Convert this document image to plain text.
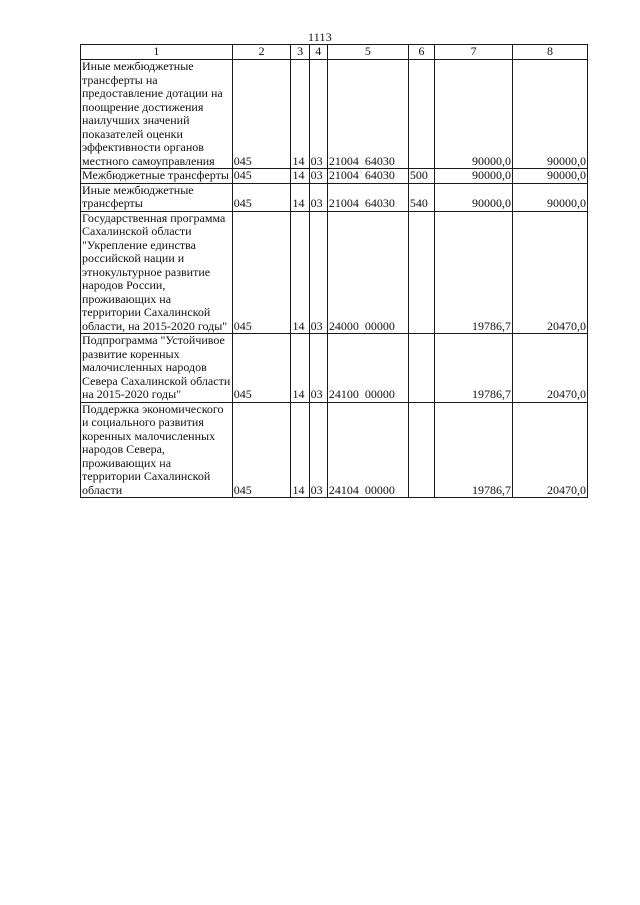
1113
1	2	3	4	5	6	7	8
Иные межбюджетные трансферты на предоставление дотации на поощрение достижения наилучших значений показателей оценки эффективности органов местного самоуправления	045	14	03	21004  64030		90000,0	90000,0
Межбюджетные трансферты	045	14	03	21004  64030	500	90000,0	90000,0
Иные межбюджетные трансферты	045	14	03	21004  64030	540	90000,0	90000,0
Государственная программа Сахалинской области "Укрепление единства российской нации и этнокультурное развитие народов России, проживающих на территории Сахалинской области, на 2015-2020 годы"	045	14	03	24000  00000		19786,7	20470,0
Подпрограмма "Устойчивое развитие коренных малочисленных народов Севера Сахалинской области на 2015-2020 годы"	045	14	03	24100  00000		19786,7	20470,0
Поддержка экономического и социального развития коренных малочисленных народов Севера, проживающих на территории Сахалинской области	045	14	03	24104  00000		19786,7	20470,0
